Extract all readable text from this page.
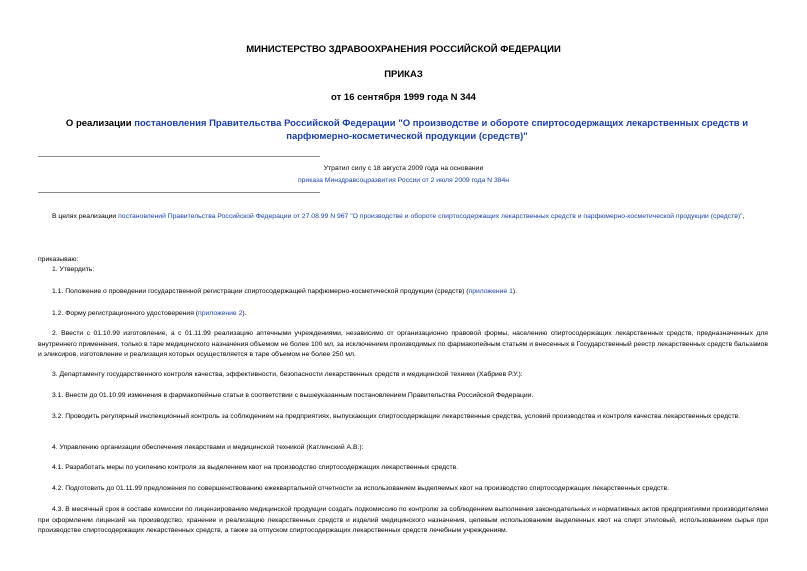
МИНИСТЕРСТВО ЗДРАВООХРАНЕНИЯ РОССИЙСКОЙ ФЕДЕРАЦИИ
ПРИКАЗ
от 16 сентября 1999 года N 344
О реализации постановления Правительства Российской Федерации "О производстве и обороте спиртосодержащих лекарственных средств и парфюмерно-косметической продукции (средств)"
Утратил силу с 18 августа 2009 года на основании
приказа Минздравсоцразвития России от 2 июля 2009 года N 384н
В целях реализации постановлений Правительства Российской Федерации от 27.08.99 N 967 "О производстве и обороте спиртосодержащих лекарственных средств и парфюмерно-косметической продукции (средств)",
приказываю:
1. Утвердить:
1.1. Положение о проведении государственной регистрации спиртосодержащей парфюмерно-косметической продукции (средств) (приложение 1).
1.2. Форму регистрационного удостоверения (приложение 2).
2. Ввести с 01.10.99 изготовление, а с 01.11.99 реализацию аптечными учреждениями, независимо от организационно правовой формы, населению спиртосодержащих лекарственных средств, предназначенных для внутреннего применения, только в таре медицинского назначения объемом не более 100 мл, за исключением производимых по фармакопейным статьям и внесенных в Государственный реестр лекарственных средств бальзамов и эликсиров, изготовление и реализация которых осуществляется в таре объемом не более 250 мл.
3. Департаменту государственного контроля качества, эффективности, безопасности лекарственных средств и медицинской техники (Хабриев Р.У.):
3.1. Внести до 01.10.99 изменения в фармакопейные статьи в соответствии с вышеуказанным постановлением Правительства Российской Федерации.
3.2. Проводить регулярный инспекционный контроль за соблюдением на предприятиях, выпускающих спиртосодержащие лекарственные средства, условий производства и контроля качества лекарственных средств.
4. Управлению организации обеспечения лекарствами и медицинской техникой (Катлинский А.В.):
4.1. Разработать меры по усилению контроля за выделением квот на производство спиртосодержащих лекарственных средств.
4.2. Подготовить до 01.11.99 предложения по совершенствованию ежеквартальной отчетности за использованием выделяемых квот на производство спиртосодержащих лекарственных средств.
4.3. В месячный срок в составе комиссии по лицензированию медицинской продукции создать подкомиссию по контролю за соблюдением выполнения законодательных и нормативных актов предприятиями производителями при оформлении лицензий на производство, хранение и реализацию лекарственных средств и изделий медицинского назначения, целевым использованием выделенных квот на спирт этиловый, использованием сырья при производстве спиртосодержащих лекарственных средств, а также за отпуском спиртосодержащих лекарственных средств лечебным учреждениям.
